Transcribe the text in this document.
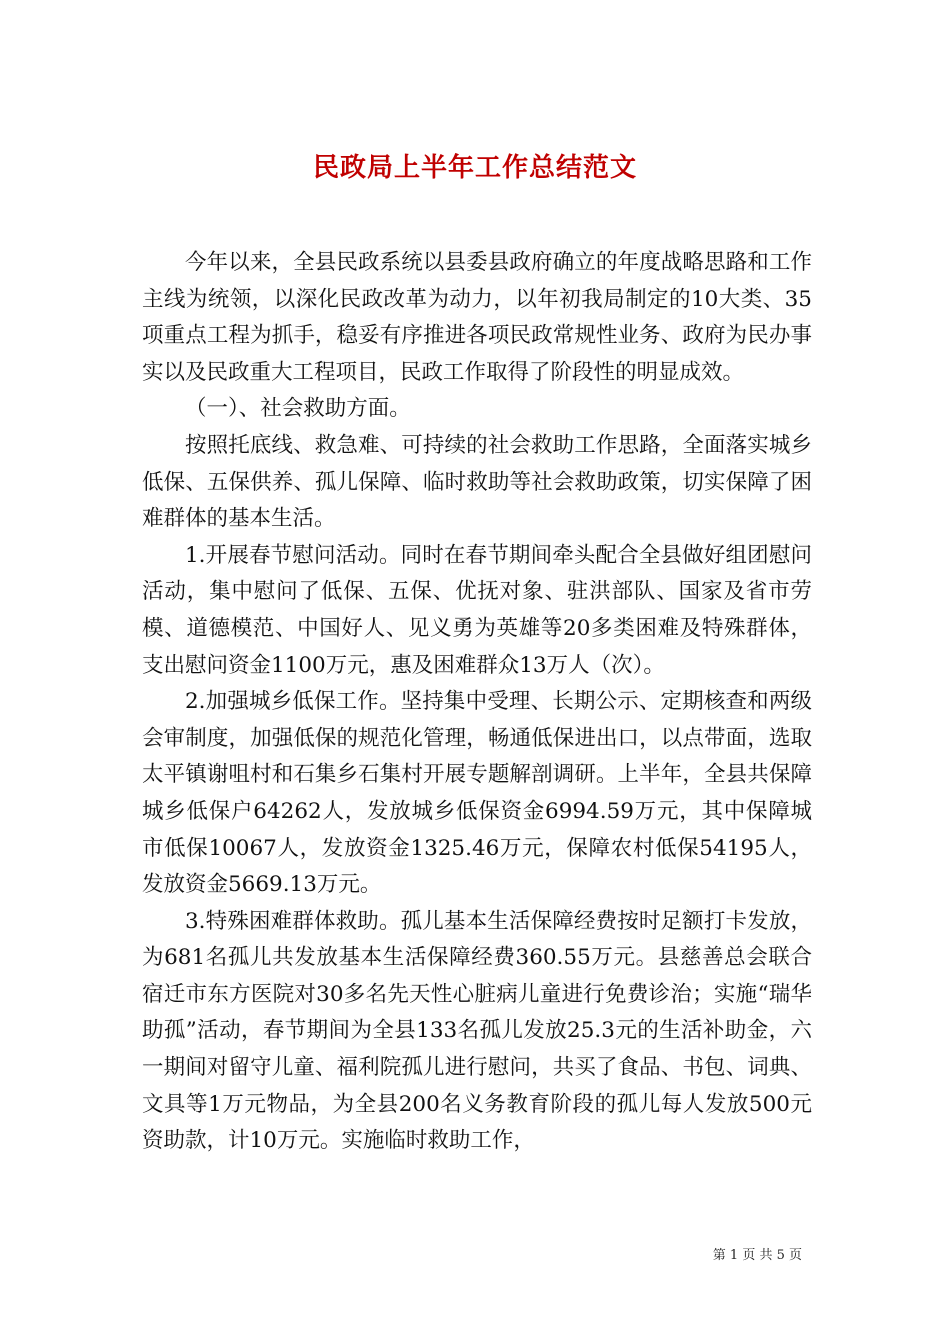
民政局上半年工作总结范文

今年以来，全县民政系统以县委县政府确立的年度战略思路和工作主线为统领，以深化民政改革为动力，以年初我局制定的10大类、35项重点工程为抓手，稳妥有序推进各项民政常规性业务、政府为民办事实以及民政重大工程项目，民政工作取得了阶段性的明显成效。

（一）、社会救助方面。

按照托底线、救急难、可持续的社会救助工作思路，全面落实城乡低保、五保供养、孤儿保障、临时救助等社会救助政策，切实保障了困难群体的基本生活。

1.开展春节慰问活动。同时在春节期间牵头配合全县做好组团慰问活动，集中慰问了低保、五保、优抚对象、驻洪部队、国家及省市劳模、道德模范、中国好人、见义勇为英雄等20多类困难及特殊群体，支出慰问资金1100万元，惠及困难群众13万人（次）。

2.加强城乡低保工作。坚持集中受理、长期公示、定期核查和两级会审制度，加强低保的规范化管理，畅通低保进出口，以点带面，选取太平镇谢咀村和石集乡石集村开展专题解剖调研。上半年，全县共保障城乡低保户64262人，发放城乡低保资金6994.59万元，其中保障城市低保10067人，发放资金1325.46万元，保障农村低保54195人，发放资金5669.13万元。

3.特殊困难群体救助。孤儿基本生活保障经费按时足额打卡发放，为681名孤儿共发放基本生活保障经费360.55万元。县慈善总会联合宿迁市东方医院对30多名先天性心脏病儿童进行免费诊治；实施“瑞华助孤”活动，春节期间为全县133名孤儿发放25.3元的生活补助金，六一期间对留守儿童、福利院孤儿进行慰问，共买了食品、书包、词典、文具等1万元物品，为全县200名义务教育阶段的孤儿每人发放500元资助款，计10万元。实施临时救助工作，

第 1 页 共 5 页
